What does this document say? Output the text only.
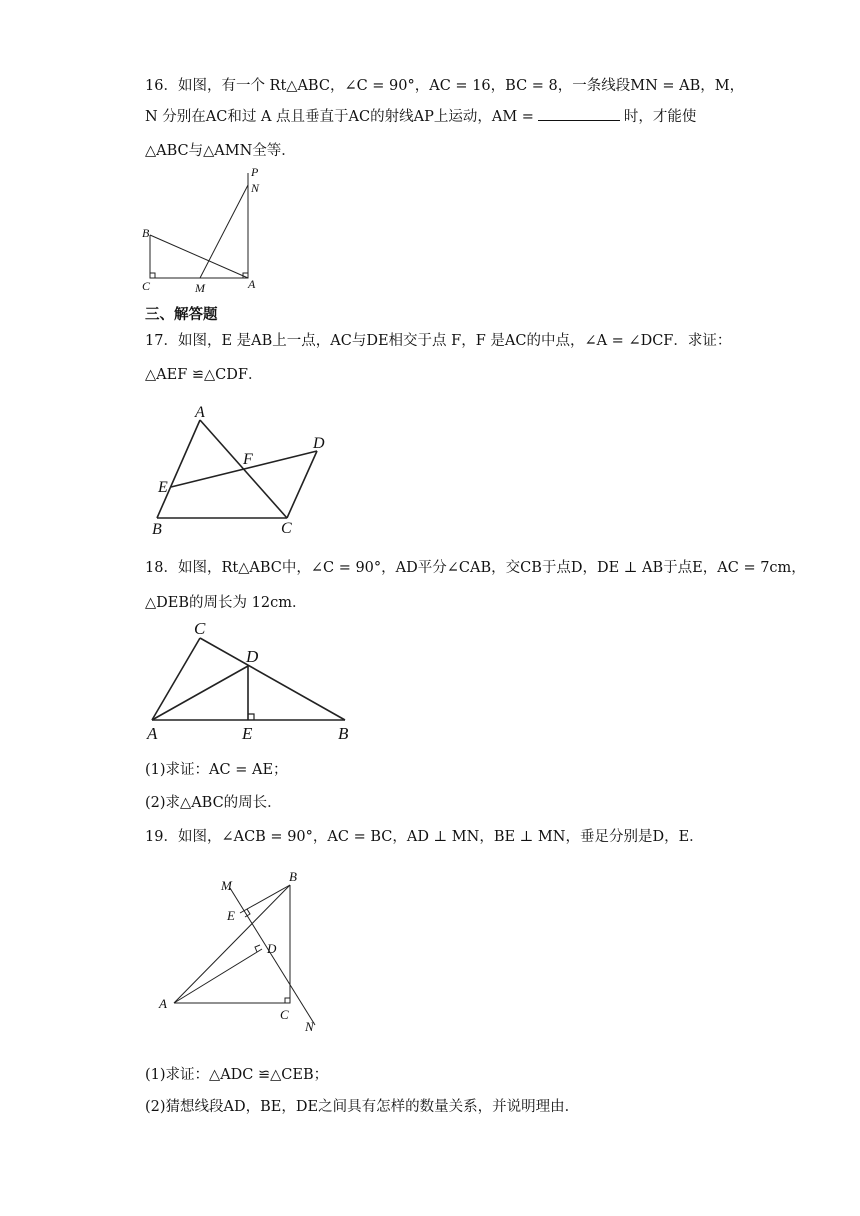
16．如图，有一个 Rt△ABC，∠C = 90°，AC = 16，BC = 8，一条线段MN = AB，M，
N 分别在AC和过 A 点且垂直于AC的射线AP上运动，AM =	时，才能使
△ABC与△AMN全等．
P
N
B
C	M	A
三、解答题
17．如图，E 是AB上一点，AC与DE相交于点 F，F 是AC的中点，∠A = ∠DCF．求证：
△AEF ≌△CDF．
A
D
F
E
B	C
18．如图，Rt△ABC中，∠C = 90°，AD平分∠CAB，交CB于点D，DE ⊥ AB于点E，AC = 7cm，
△DEB的周长为 12cm．
C
D
A	E	B
(1)求证：AC = AE；
(2)求△ABC的周长．
19．如图，∠ACB = 90°，AC = BC，AD ⊥ MN，BE ⊥ MN，垂足分别是D，E．
M
B
E
D
A
C
N
(1)求证：△ADC ≌△CEB；
(2)猜想线段AD，BE，DE之间具有怎样的数量关系，并说明理由．
